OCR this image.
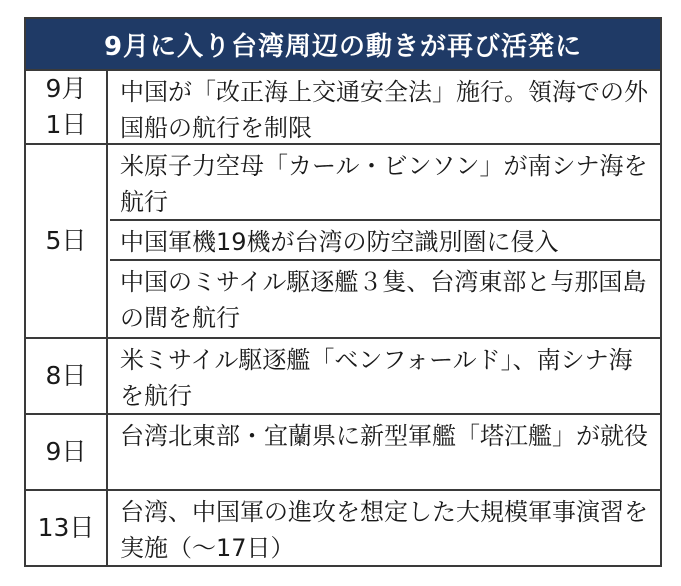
9月に入り台湾周辺の動きが再び活発に
9月
1日
中国が「改正海上交通安全法」施行。領海での外国船の航行を制限
5日
米原子力空母「カール・ビンソン」が南シナ海を航行
中国軍機19機が台湾の防空識別圏に侵入
中国のミサイル駆逐艦３隻、台湾東部と与那国島の間を航行
8日
米ミサイル駆逐艦「ベンフォールド」、南シナ海を航行
9日
台湾北東部・宜蘭県に新型軍艦「塔江艦」が就役
13日
台湾、中国軍の進攻を想定した大規模軍事演習を実施（～17日）
